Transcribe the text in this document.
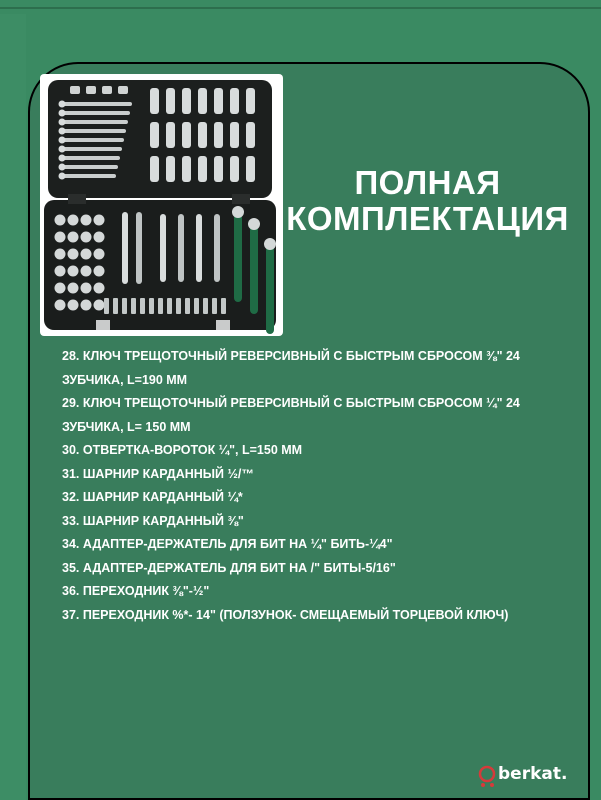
ПОЛНАЯ
КОМПЛЕКТАЦИЯ
28. КЛЮЧ ТРЕЩОТОЧНЫЙ РЕВЕРСИВНЫЙ С БЫСТРЫМ СБРОСОМ ⅜" 24
ЗУБЧИКА, L=190 ММ
29. КЛЮЧ ТРЕЩОТОЧНЫЙ РЕВЕРСИВНЫЙ С БЫСТРЫМ СБРОСОМ ¼" 24
ЗУБЧИКА, L= 150 ММ
30. ОТВЕРТКА-ВОРОТОК ¼", L=150 ММ
31. ШАРНИР КАРДАННЫЙ ½/™
32. ШАРНИР КАРДАННЫЙ ¼*
33. ШАРНИР КАРДАННЫЙ ⅜"
34. АДАПТЕР-ДЕРЖАТЕЛЬ ДЛЯ БИТ НА ¼" БИТЬ-¼4"
35. АДАПТЕР-ДЕРЖАТЕЛЬ ДЛЯ БИТ НА /" БИТЫ-5/16"
36. ПЕРЕХОДНИК ⅜"-½"
37. ПЕРЕХОДНИК %*- 14" (ПОЛЗУНОК- СМЕЩАЕМЫЙ ТОРЦЕВОЙ КЛЮЧ)
berkat.
